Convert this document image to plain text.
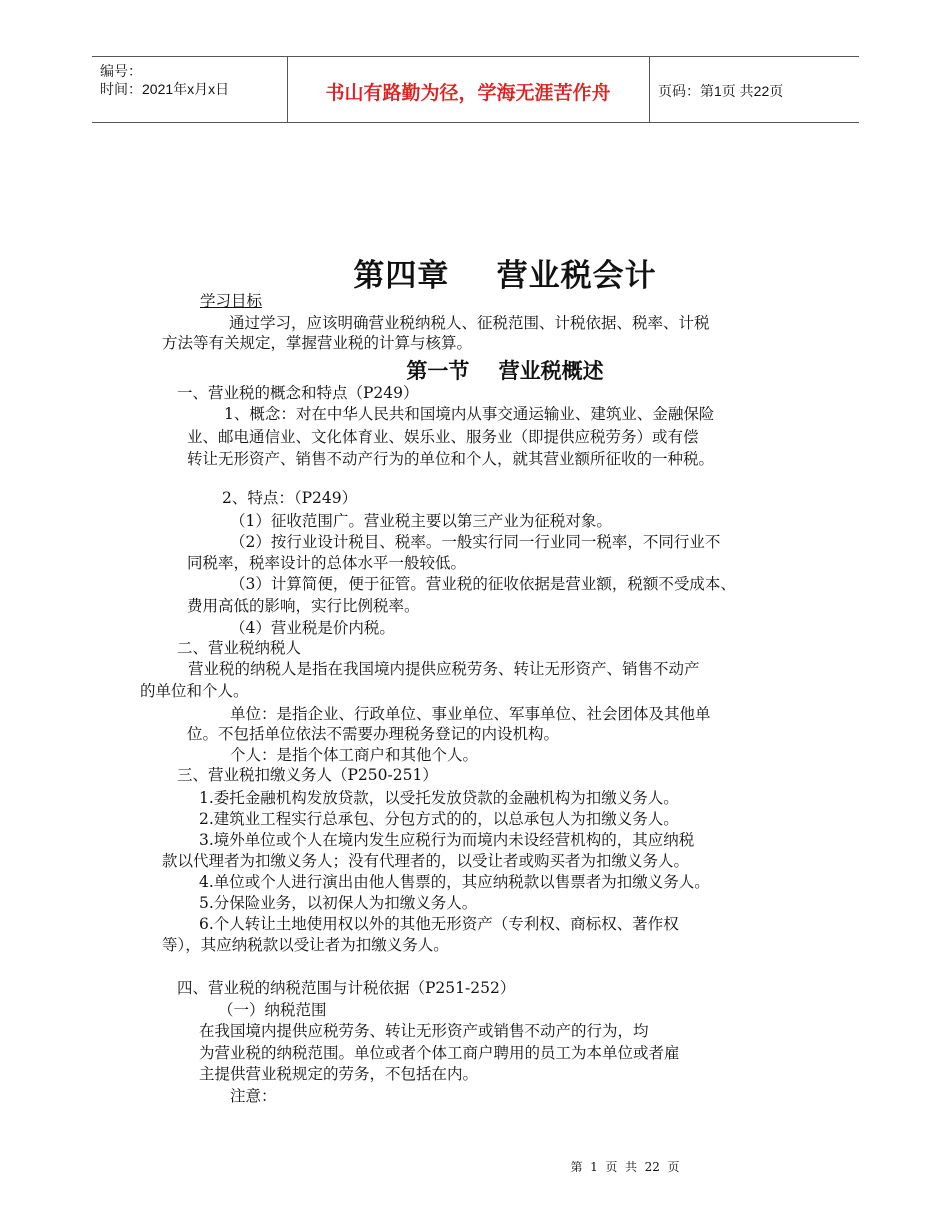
编号：
时间：2021年x月x日	书山有路勤为径，学海无涯苦作舟	页码：第1页 共22页
第四章    营业税会计
学习目标
通过学习，应该明确营业税纳税人、征税范围、计税依据、税率、计税
方法等有关规定，掌握营业税的计算与核算。
第一节    营业税概述
一、营业税的概念和特点（P249）
1、概念：对在中华人民共和国境内从事交通运输业、建筑业、金融保险
业、邮电通信业、文化体育业、娱乐业、服务业（即提供应税劳务）或有偿
转让无形资产、销售不动产行为的单位和个人，就其营业额所征收的一种税。
2、特点：（P249）
（1）征收范围广。营业税主要以第三产业为征税对象。
（2）按行业设计税目、税率。一般实行同一行业同一税率，不同行业不
同税率，税率设计的总体水平一般较低。
（3）计算简便，便于征管。营业税的征收依据是营业额，税额不受成本、
费用高低的影响，实行比例税率。
（4）营业税是价内税。
二、营业税纳税人
营业税的纳税人是指在我国境内提供应税劳务、转让无形资产、销售不动产
的单位和个人。
单位：是指企业、行政单位、事业单位、军事单位、社会团体及其他单
位。不包括单位依法不需要办理税务登记的内设机构。
个人：是指个体工商户和其他个人。
三、营业税扣缴义务人（P250-251）
1.委托金融机构发放贷款，以受托发放贷款的金融机构为扣缴义务人。
2.建筑业工程实行总承包、分包方式的的，以总承包人为扣缴义务人。
3.境外单位或个人在境内发生应税行为而境内未设经营机构的，其应纳税
款以代理者为扣缴义务人；没有代理者的，以受让者或购买者为扣缴义务人。
4.单位或个人进行演出由他人售票的，其应纳税款以售票者为扣缴义务人。
5.分保险业务，以初保人为扣缴义务人。
6.个人转让土地使用权以外的其他无形资产（专利权、商标权、著作权
等），其应纳税款以受让者为扣缴义务人。
四、营业税的纳税范围与计税依据（P251-252）
（一）纳税范围
在我国境内提供应税劳务、转让无形资产或销售不动产的行为，均
为营业税的纳税范围。单位或者个体工商户聘用的员工为本单位或者雇
主提供营业税规定的劳务，不包括在内。
注意：
第  1  页  共  22  页
